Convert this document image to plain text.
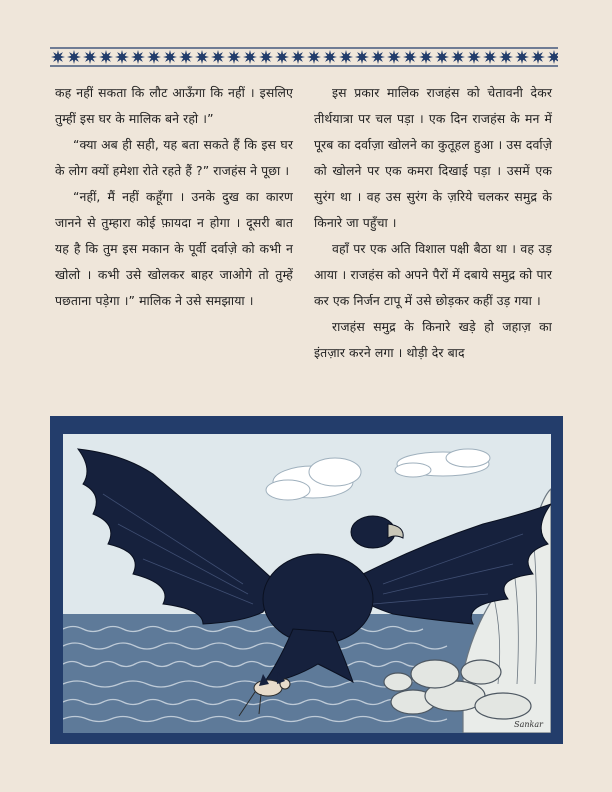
कह नहीं सकता कि लौट आऊँगा कि नहीं । इसलिए तुम्हीं इस घर के मालिक बने रहो ।”

“क्या अब ही सही, यह बता सकते हैं कि इस घर के लोग क्यों हमेशा रोते रहते हैं ?” राजहंस ने पूछा ।

“नहीं, मैं नहीं कहूँगा । उनके दुख का कारण जानने से तुम्हारा कोई फ़ायदा न होगा । दूसरी बात यह है कि तुम इस मकान के पूर्वी दर्वाज़े को कभी न खोलो । कभी उसे खोलकर बाहर जाओगे तो तुम्हें पछताना पड़ेगा ।” मालिक ने उसे समझाया ।

इस प्रकार मालिक राजहंस को चेतावनी देकर तीर्थयात्रा पर चल पड़ा । एक दिन राजहंस के मन में पूरब का दर्वाज़ा खोलने का कुतूहल हुआ । उस दर्वाज़े को खोलने पर एक कमरा दिखाई पड़ा । उसमें एक सुरंग था । वह उस सुरंग के ज़रिये चलकर समुद्र के किनारे जा पहुँचा ।

वहाँ पर एक अति विशाल पक्षी बैठा था । वह उड़ आया । राजहंस को अपने पैरों में दबाये समुद्र को पार कर एक निर्जन टापू में उसे छोड़कर कहीं उड़ गया ।

राजहंस समुद्र के किनारे खड़े हो जहाज़ का इंतज़ार करने लगा । थोड़ी देर बाद

Sankar
